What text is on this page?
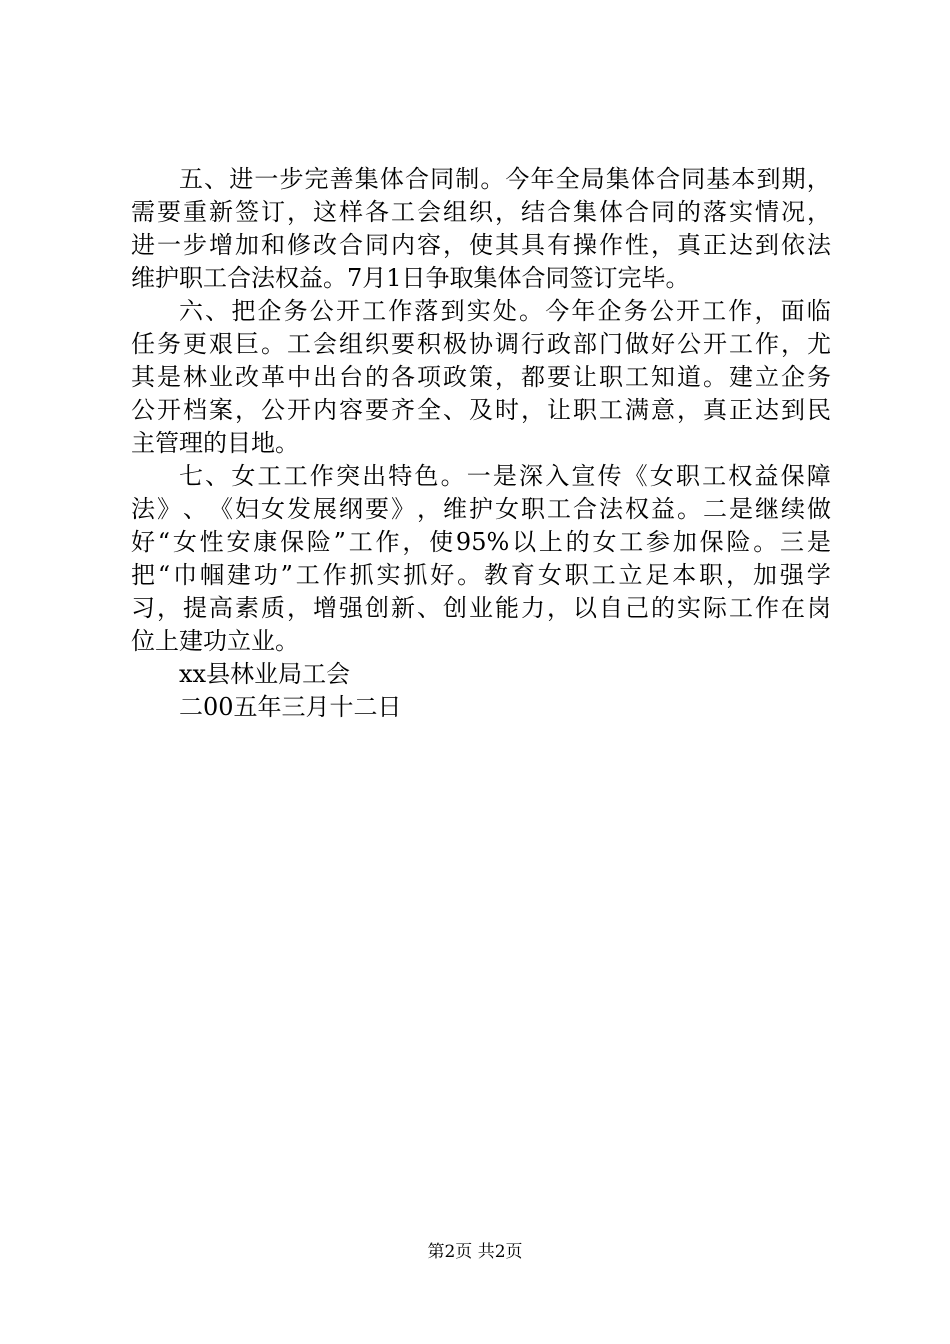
五 、 进 一 步 完 善 集 体 合 同 制 。 今 年 全 局 集 体 合 同 基 本 到 期 ，
需 要 重 新 签 订 ， 这 样 各 工 会 组 织 ， 结 合 集 体 合 同 的 落 实 情 况 ，
进 一 步 增 加 和 修 改 合 同 内 容 ， 使 其 具 有 操 作 性 ， 真 正 达 到 依 法
维护职工合法权益。7月1日争取集体合同签订完毕。
六 、 把 企 务 公 开 工 作 落 到 实 处 。 今 年 企 务 公 开 工 作 ， 面 临
任 务 更 艰 巨 。 工 会 组 织 要 积 极 协 调 行 政 部 门 做 好 公 开 工 作 ， 尤
其 是 林 业 改 革 中 出 台 的 各 项 政 策 ， 都 要 让 职 工 知 道 。 建 立 企 务
公 开 档 案 ， 公 开 内 容 要 齐 全 、 及 时 ， 让 职 工 满 意 ， 真 正 达 到 民
主管理的目地。
七 、 女 工 工 作 突 出 特 色 。 一 是 深 入 宣 传 《 女 职 工 权 益 保 障
法 》 、 《 妇 女 发 展 纲 要 》 ， 维 护 女 职 工 合 法 权 益 。 二 是 继 续 做
好 “ 女 性 安 康 保 险 ” 工 作 ， 使 95% 以 上 的 女 工 参 加 保 险 。 三 是
把 “ 巾 帼 建 功 ” 工 作 抓 实 抓 好 。 教 育 女 职 工 立 足 本 职 ， 加 强 学
习 ， 提 高 素 质 ， 增 强 创 新 、 创 业 能 力 ， 以 自 己 的 实 际 工 作 在 岗
位上建功立业。
xx县林业局工会
二00五年三月十二日
第2页 共2页
